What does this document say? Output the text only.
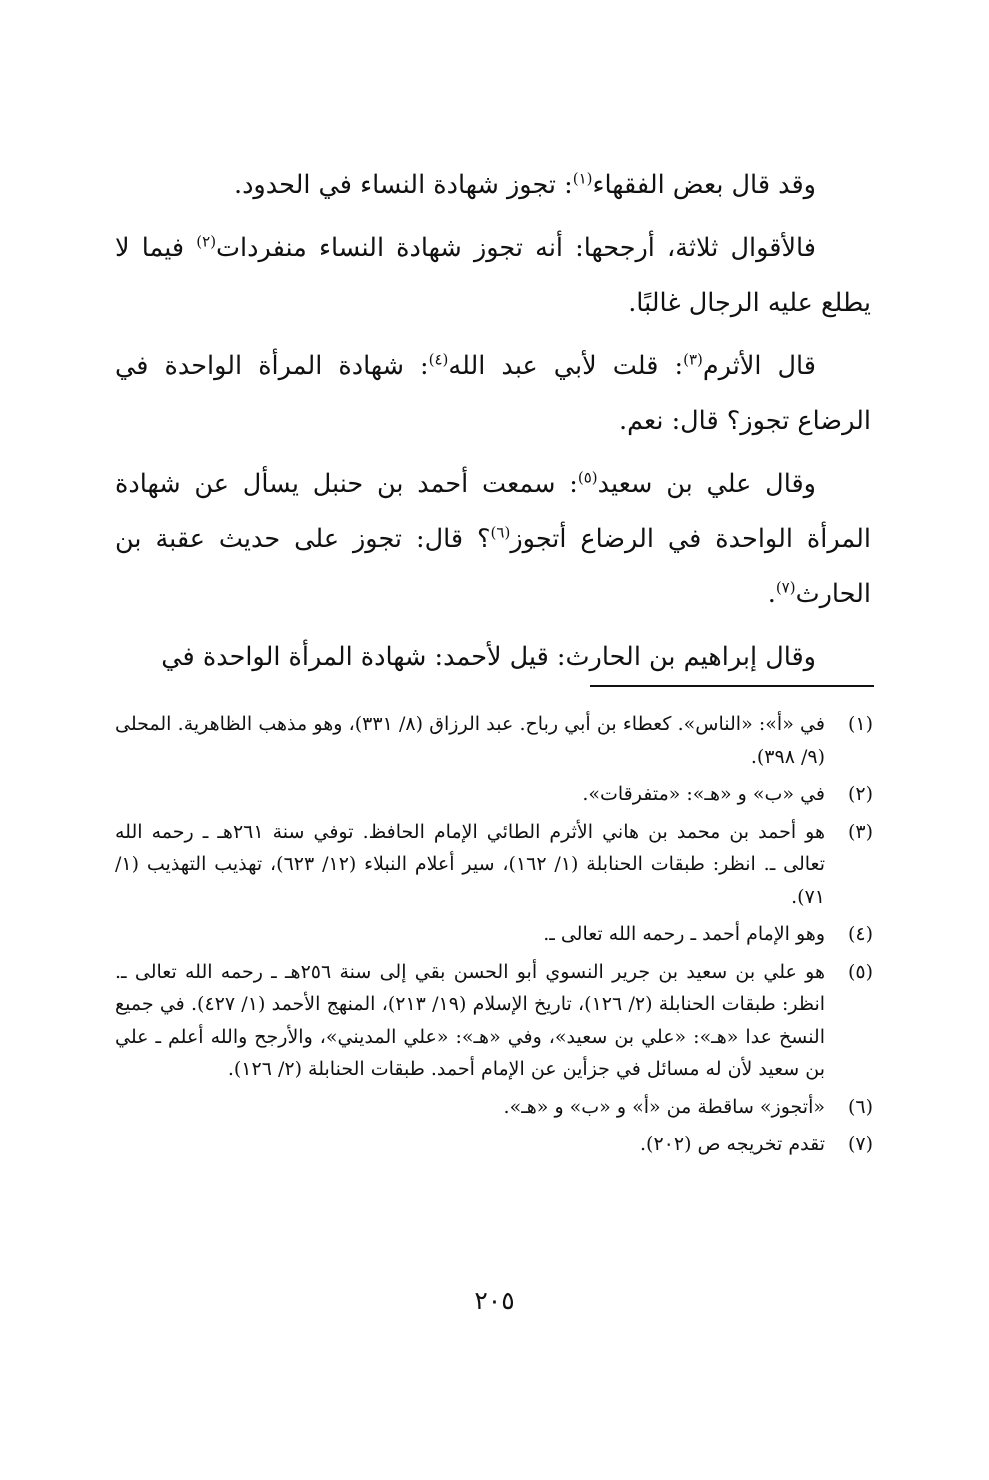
وقد قال بعض الفقهاء$^{(١)}$: تجوز شهادة النساء في الحدود.

فالأقوال ثلاثة، أرجحها: أنه تجوز شهادة النساء منفردات$^{(٢)}$ فيما لا يطلع عليه الرجال غالبًا.

قال الأثرم$^{(٣)}$: قلت لأبي عبد الله$^{(٤)}$: شهادة المرأة الواحدة في الرضاع تجوز؟ قال: نعم.

وقال علي بن سعيد$^{(٥)}$: سمعت أحمد بن حنبل يسأل عن شهادة المرأة الواحدة في الرضاع أتجوز$^{(٦)}$؟ قال: تجوز على حديث عقبة بن الحارث$^{(٧)}$.

وقال إبراهيم بن الحارث: قيل لأحمد: شهادة المرأة الواحدة في

(١)
في «أ»: «الناس». كعطاء بن أبي رباح. عبد الرزاق (٨/ ٣٣١)، وهو مذهب الظاهرية. المحلى (٩/ ٣٩٨).
(٢)
في «ب» و «هـ»: «متفرقات».
(٣)
هو أحمد بن محمد بن هاني الأثرم الطائي الإمام الحافظ. توفي سنة ٢٦١هـ ـ رحمه الله تعالى ـ. انظر: طبقات الحنابلة (١/ ١٦٢)، سير أعلام النبلاء (١٢/ ٦٢٣)، تهذيب التهذيب (١/ ٧١).
(٤)
وهو الإمام أحمد ـ رحمه الله تعالى ـ.
(٥)
هو علي بن سعيد بن جرير النسوي أبو الحسن بقي إلى سنة ٢٥٦هـ ـ رحمه الله تعالى ـ. انظر: طبقات الحنابلة (٢/ ١٢٦)، تاريخ الإسلام (١٩/ ٢١٣)، المنهج الأحمد (١/ ٤٢٧). في جميع النسخ عدا «هـ»: «علي بن سعيد»، وفي «هـ»: «علي المديني»، والأرجح والله أعلم ـ علي بن سعيد لأن له مسائل في جزأين عن الإمام أحمد. طبقات الحنابلة (٢/ ١٢٦).
(٦)
«أتجوز» ساقطة من «أ» و «ب» و «هـ».
(٧)
تقدم تخريجه ص (٢٠٢).
٢٠٥
